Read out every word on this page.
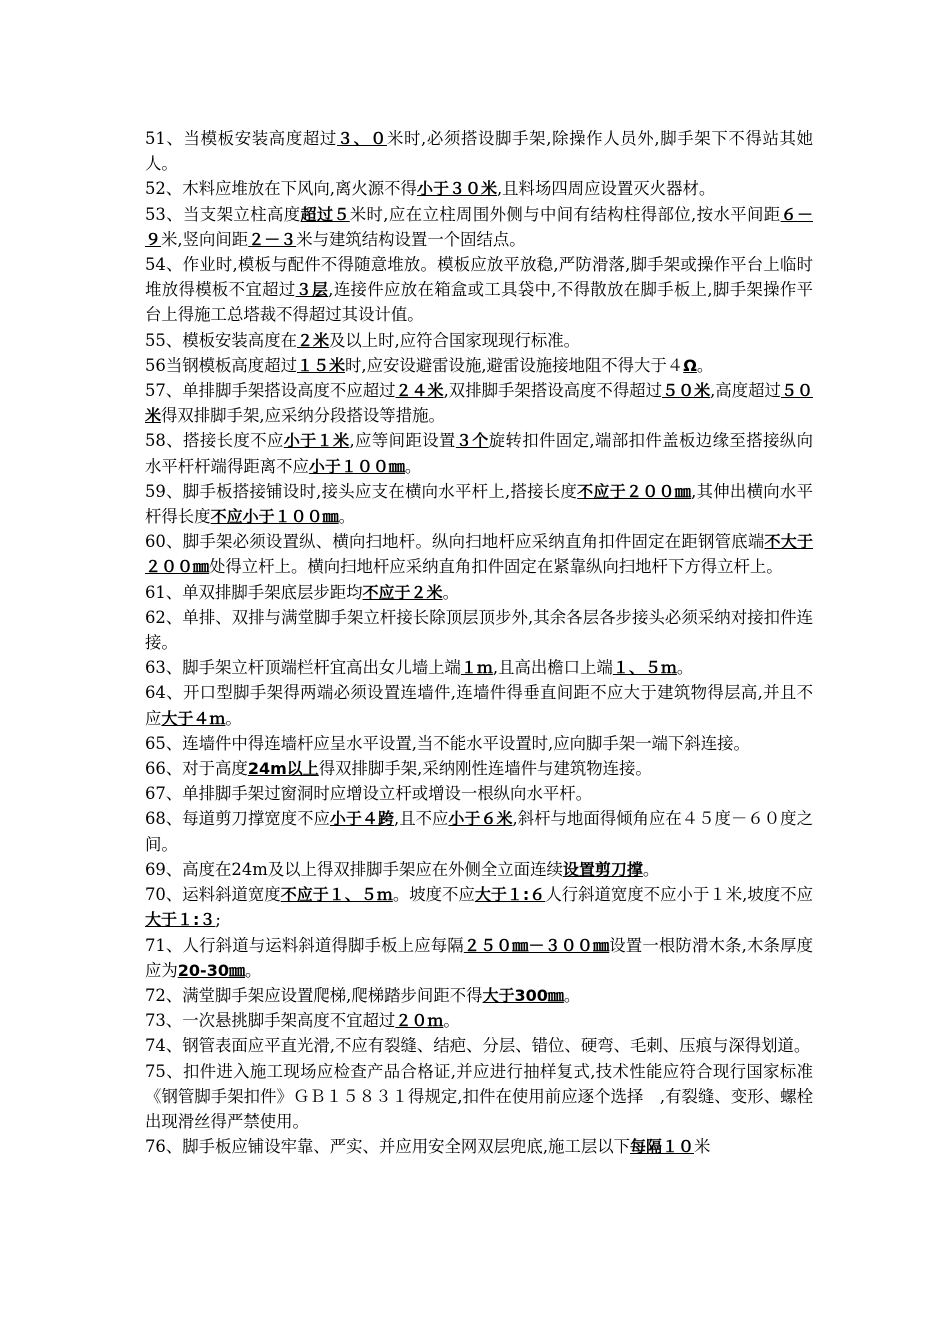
51、当模板安装高度超过３、０米时,必须搭设脚手架,除操作人员外,脚手架下不得站其她人。

52、木料应堆放在下风向,离火源不得小于３０米,且料场四周应设置灭火器材。

53、当支架立柱高度超过５米时,应在立柱周围外侧与中间有结构柱得部位,按水平间距６－９米,竖向间距２－３米与建筑结构设置一个固结点。

54、作业时,模板与配件不得随意堆放。模板应放平放稳,严防滑落,脚手架或操作平台上临时堆放得模板不宜超过３层,连接件应放在箱盒或工具袋中,不得散放在脚手板上,脚手架操作平台上得施工总塔裁不得超过其设计值。

55、模板安装高度在２米及以上时,应符合国家现现行标准。

56当钢模板高度超过１５米时,应安设避雷设施,避雷设施接地阻不得大于４Ω。

57、单排脚手架搭设高度不应超过２４米,双排脚手架搭设高度不得超过５０米,高度超过５０米得双排脚手架,应采纳分段搭设等措施。

58、搭接长度不应小于１米,应等间距设置３个旋转扣件固定,端部扣件盖板边缘至搭接纵向水平杆杆端得距离不应小于１００㎜。

59、脚手板搭接铺设时,接头应支在横向水平杆上,搭接长度不应于２００㎜,其伸出横向水平杆得长度不应小于１００㎜。

60、脚手架必须设置纵、横向扫地杆。纵向扫地杆应采纳直角扣件固定在距钢管底端不大于２００㎜处得立杆上。横向扫地杆应采纳直角扣件固定在紧靠纵向扫地杆下方得立杆上。

61、单双排脚手架底层步距均不应于２米。

62、单排、双排与满堂脚手架立杆接长除顶层顶步外,其余各层各步接头必须采纳对接扣件连接。

63、脚手架立杆顶端栏杆宜高出女儿墙上端１ｍ,且高出檐口上端１、５ｍ。

64、开口型脚手架得两端必须设置连墙件,连墙件得垂直间距不应大于建筑物得层高,并且不应大于４ｍ。

65、连墙件中得连墙杆应呈水平设置,当不能水平设置时,应向脚手架一端下斜连接。

66、对于高度24m以上得双排脚手架,采纳刚性连墙件与建筑物连接。

67、单排脚手架过窗洞时应增设立杆或增设一根纵向水平杆。

68、每道剪刀撑宽度不应小于４跨,且不应小于６米,斜杆与地面得倾角应在４５度－６０度之间。

69、高度在24m及以上得双排脚手架应在外侧全立面连续设置剪刀撑。

70、运料斜道宽度不应于１、５ｍ。坡度不应大于１:６人行斜道宽度不应小于１米,坡度不应大于１:３;

71、人行斜道与运料斜道得脚手板上应每隔２５０㎜－３００㎜设置一根防滑木条,木条厚度应为20-30㎜。

72、满堂脚手架应设置爬梯,爬梯踏步间距不得大于300㎜。

73、一次悬挑脚手架高度不宜超过２０ｍ。

74、钢管表面应平直光滑,不应有裂缝、结疤、分层、错位、硬弯、毛刺、压痕与深得划道。

75、扣件进入施工现场应检查产品合格证,并应进行抽样复式,技术性能应符合现行国家标准《钢管脚手架扣件》ＧＢ１５８３１得规定,扣件在使用前应逐个选择　,有裂缝、变形、螺栓出现滑丝得严禁使用。

76、脚手板应铺设牢靠、严实、并应用安全网双层兜底,施工层以下每隔１０米
